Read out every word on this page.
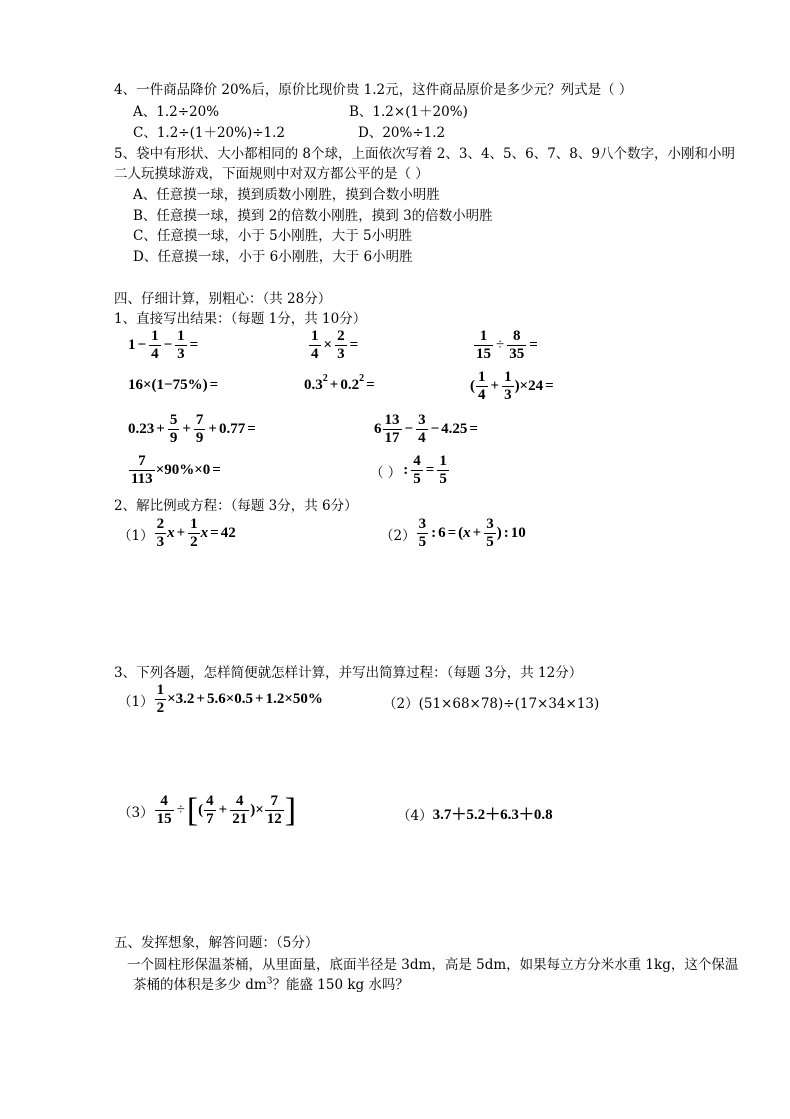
4、一件商品降价 20%后，原价比现价贵 1.2元，这件商品原价是多少元？列式是（ ）
A、1.2÷20%	B、1.2×(1＋20%)
C、1.2÷(1＋20%)÷1.2	D、20%÷1.2
5、袋中有形状、大小都相同的 8个球，上面依次写着 2、3、4、5、6、7、8、9八个数字，小刚和小明
二人玩摸球游戏，下面规则中对双方都公平的是（ ）
A、任意摸一球，摸到质数小刚胜，摸到合数小明胜
B、任意摸一球，摸到 2的倍数小刚胜，摸到 3的倍数小明胜
C、任意摸一球，小于 5小刚胜，大于 5小明胜
D、任意摸一球，小于 6小刚胜，大于 6小明胜
四、仔细计算，别粗心：（共 28分）
1、直接写出结果：（每题 1分，共 10分）
$1 - \frac{1}{4} - \frac{1}{3}$ =	$\frac{1}{4} \times \frac{2}{3}$ =	$\frac{1}{15} \div \frac{8}{35}$ =
16×(1−75%) =	0.3 2 + 0.2 2 =	( $\frac{1}{4} + \frac{1}{3} )\times 24$ =
$0.23 + \frac{5}{9} + \frac{7}{9} + 0.77$ =	$6 \frac{13}{17} - \frac{3}{4} - 4.25$ =
$\frac{7}{113} \times 90\%\times 0$ =	（ ） : $\frac{4}{5} = \frac{1}{5}$
2、解比例或方程：（每题 3分，共 6分）
$(1) \frac{2}{3}$ $x + \frac{1}{2}$ x = 42	$(2) \frac{3}{5}$ : $6 = (x + \frac{3}{5}$ ) : 10
3、下列各题，怎样简便就怎样计算，并写出简算过程：（每题 3分，共 12分）
$(1) \frac{1}{2} \times 3.2 + 5.6\times 0.5 + 1.2\times 50\%$	（2）(51×68×78)÷(17×34×13)
$(3) \frac{4}{15}$ ÷ [ ( $\frac{4}{7} + \frac{4}{21}$ )× $\frac{7}{12}$ ]	（4） 3.7＋5.2＋6.3＋0.8
五、发挥想象，解答问题：（5分）
一个圆柱形保温茶桶，从里面量，底面半径是 3dm，高是 5dm，如果每立方分米水重 1kg，这个保温
茶桶的体积是多少 $dm^3$？能盛 150 kg 水吗？
